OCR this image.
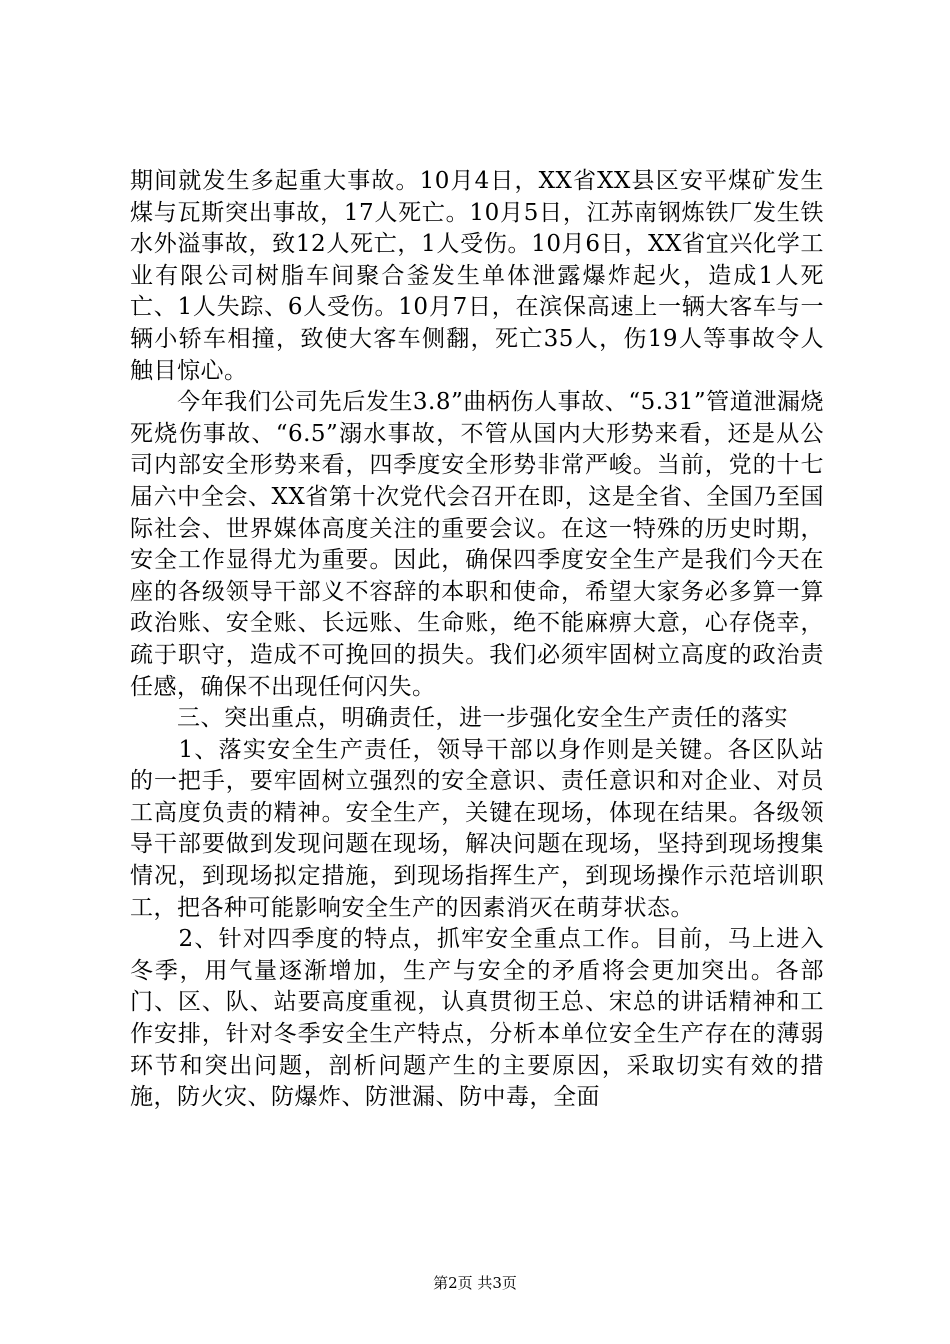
期间就发生多起重大事故。10月4日，XX省XX县区安平煤矿发生煤与瓦斯突出事故，17人死亡。10月5日，江苏南钢炼铁厂发生铁水外溢事故，致12人死亡，1人受伤。10月6日，XX省宜兴化学工业有限公司树脂车间聚合釜发生单体泄露爆炸起火，造成1人死亡、1人失踪、6人受伤。10月7日，在滨保高速上一辆大客车与一辆小轿车相撞，致使大客车侧翻，死亡35人，伤19人等事故令人触目惊心。

　　今年我们公司先后发生3.8”曲柄伤人事故、“5.31”管道泄漏烧死烧伤事故、“6.5”溺水事故，不管从国内大形势来看，还是从公司内部安全形势来看，四季度安全形势非常严峻。当前，党的十七届六中全会、XX省第十次党代会召开在即，这是全省、全国乃至国际社会、世界媒体高度关注的重要会议。在这一特殊的历史时期，安全工作显得尤为重要。因此，确保四季度安全生产是我们今天在座的各级领导干部义不容辞的本职和使命，希望大家务必多算一算政治账、安全账、长远账、生命账，绝不能麻痹大意，心存侥幸，疏于职守，造成不可挽回的损失。我们必须牢固树立高度的政治责任感，确保不出现任何闪失。

　　三、突出重点，明确责任，进一步强化安全生产责任的落实

　　1、落实安全生产责任，领导干部以身作则是关键。各区队站的一把手，要牢固树立强烈的安全意识、责任意识和对企业、对员工高度负责的精神。安全生产，关键在现场，体现在结果。各级领导干部要做到发现问题在现场，解决问题在现场，坚持到现场搜集情况，到现场拟定措施，到现场指挥生产，到现场操作示范培训职工，把各种可能影响安全生产的因素消灭在萌芽状态。

　　2、针对四季度的特点，抓牢安全重点工作。目前，马上进入冬季，用气量逐渐增加，生产与安全的矛盾将会更加突出。各部门、区、队、站要高度重视，认真贯彻王总、宋总的讲话精神和工作安排，针对冬季安全生产特点，分析本单位安全生产存在的薄弱环节和突出问题，剖析问题产生的主要原因，采取切实有效的措施，防火灾、防爆炸、防泄漏、防中毒，全面

第2页 共3页
